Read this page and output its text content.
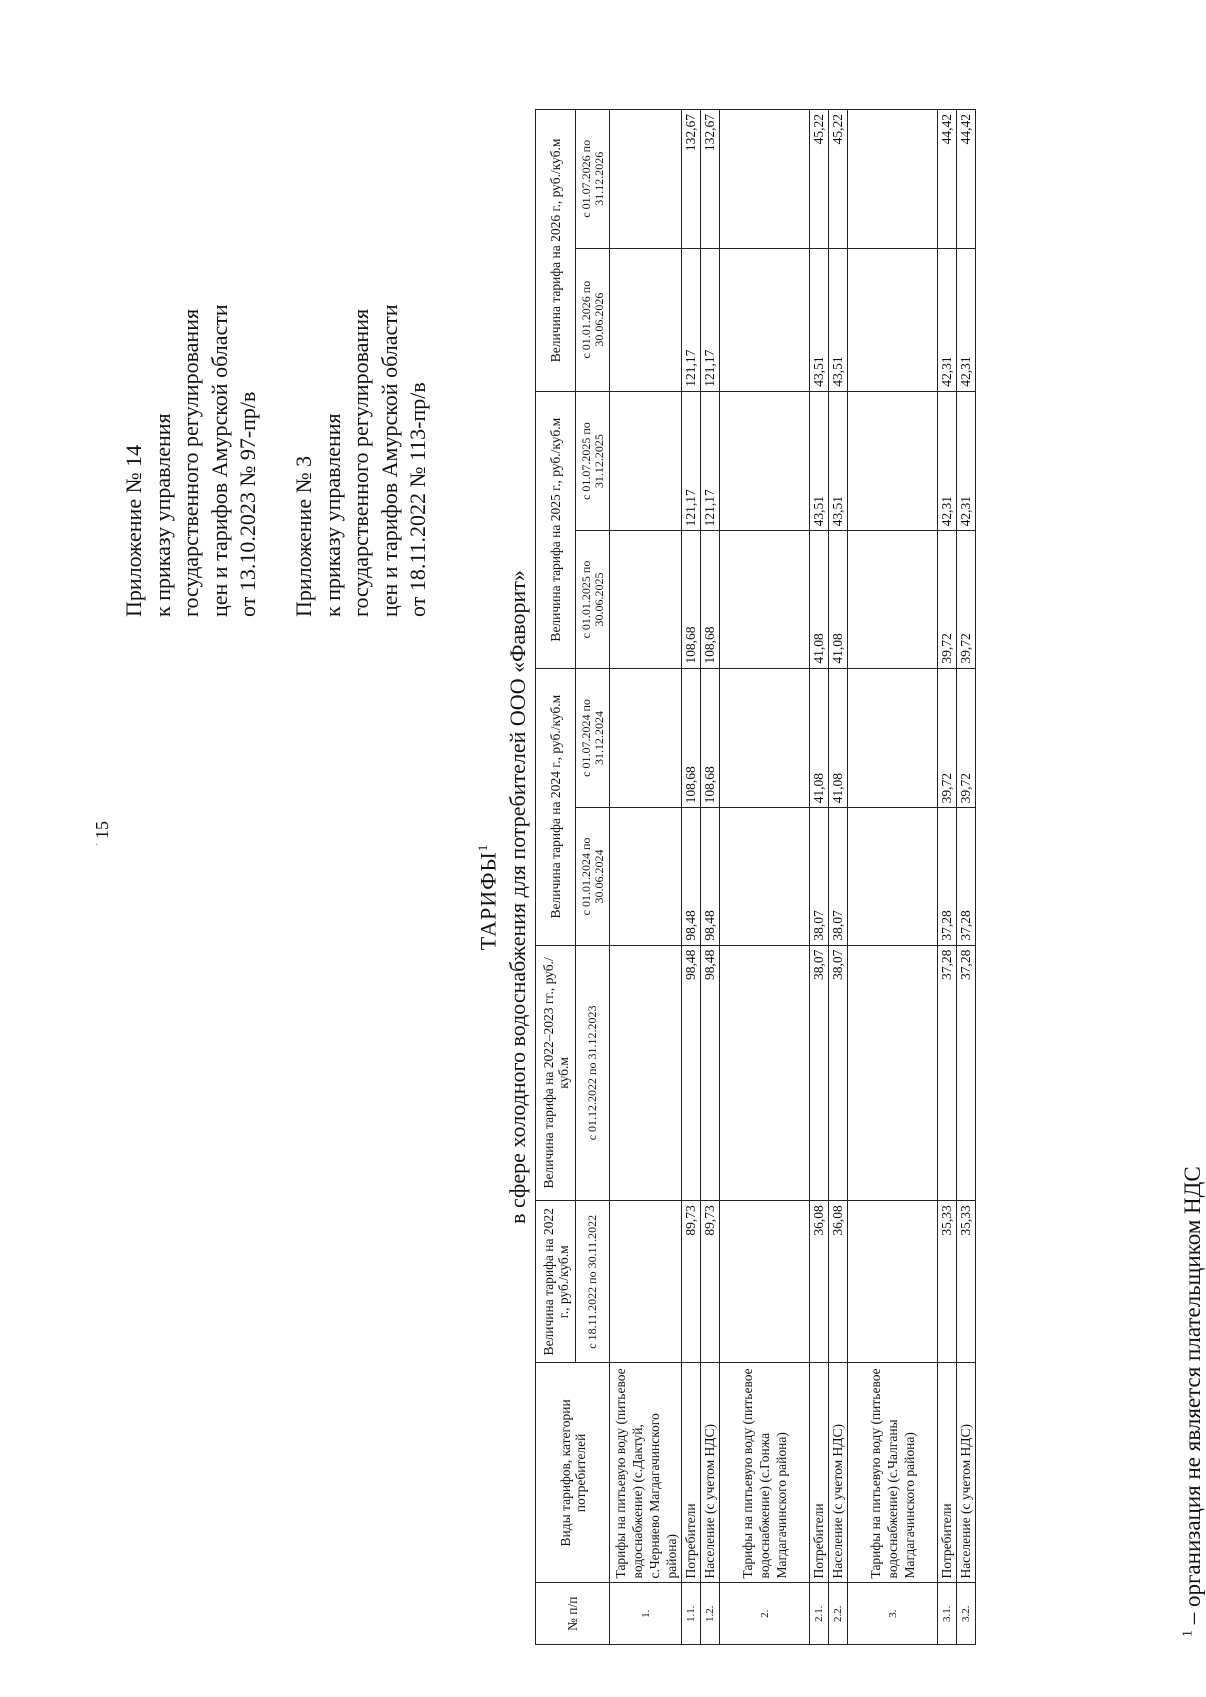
15
·
Приложение № 14 к приказу управления государственного регулирования цен и тарифов Амурской области от 13.10.2023 № 97-пр/в Приложение № 3 к приказу управления государственного регулирования цен и тарифов Амурской области от 18.11.2022 № 113-пр/в
ТАРИФЫ$^1$ в сфере холодного водоснабжения для потребителей ООО «Фаворит»
№ п/п	Виды тарифов, категории потребителей	Величина тарифа на 2022 г., руб./куб.м	Величина тарифа на 2022–2023 гг., руб./куб.м	Величина тарифа на 2024 г., руб./куб.м		Величина тарифа на 2025 г., руб./куб.м		Величина тарифа на 2026 г., руб./куб.м	
		с 18.11.2022 по 30.11.2022	с 01.12.2022 по 31.12.2023	с 01.01.2024 по 30.06.2024	с 01.07.2024 по 31.12.2024	с 01.01.2025 по 30.06.2025	с 01.07.2025 по 31.12.2025	с 01.01.2026 по 30.06.2026	с 01.07.2026 по 31.12.2026
1.	Тарифы на питьевую воду (питьевое водоснабжение) (с.Дактуй, с.Черняево Магдагачинского района)								
1.1.	Потребители	89,73	98,48	98,48	108,68	108,68	121,17	121,17	132,67
1.2.	Население (с учетом НДС)	89,73	98,48	98,48	108,68	108,68	121,17	121,17	132,67
2.	Тарифы на питьевую воду (питьевое водоснабжение) (с.Гонжа Магдагачинского района)								
2.1.	Потребители	36,08	38,07	38,07	41,08	41,08	43,51	43,51	45,22
2.2.	Население (с учетом НДС)	36,08	38,07	38,07	41,08	41,08	43,51	43,51	45,22
3.	Тарифы на питьевую воду (питьевое водоснабжение) (с.Чалганы Магдагачинского района)								
3.1.	Потребители	35,33	37,28	37,28	39,72	39,72	42,31	42,31	44,42
3.2.	Население (с учетом НДС)	35,33	37,28	37,28	39,72	39,72	42,31	42,31	44,42
$^1$ – организация не является плательщиком НДС
